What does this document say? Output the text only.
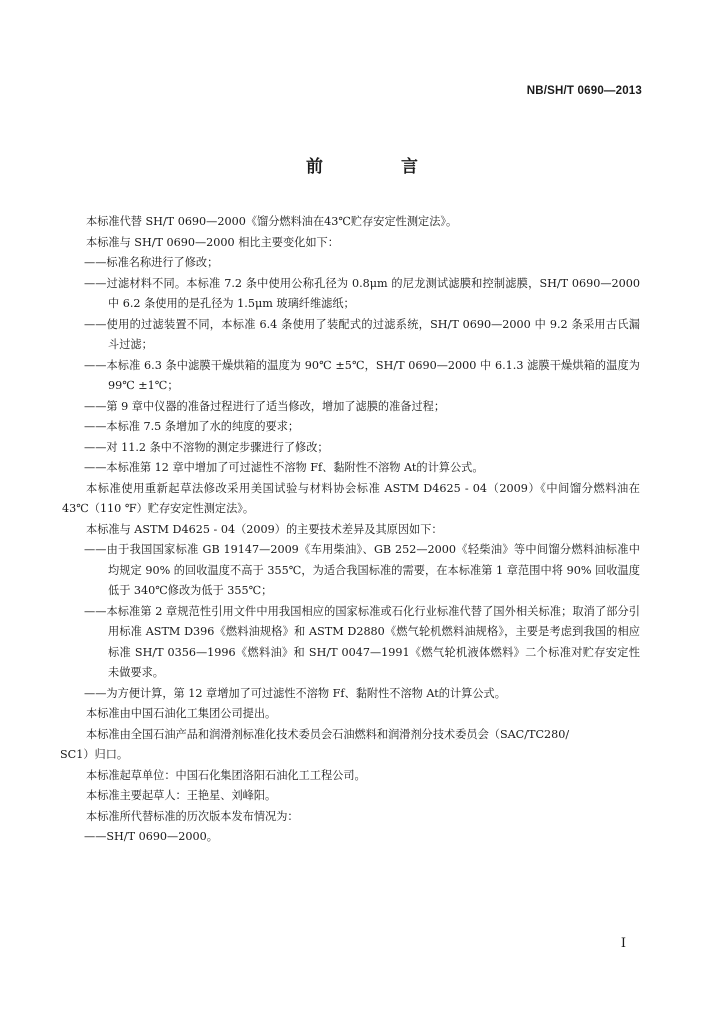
NB/SH/T 0690—2013
前 言

本标准代替 SH/T 0690—2000《馏分燃料油在43℃贮存安定性测定法》。

本标准与 SH/T 0690—2000 相比主要变化如下：

——标准名称进行了修改；

——过滤材料不同。本标准 7.2 条中使用公称孔径为 0.8μm 的尼龙测试滤膜和控制滤膜，SH/T 0690—2000 中 6.2 条使用的是孔径为 1.5μm 玻璃纤维滤纸；

——使用的过滤装置不同，本标准 6.4 条使用了装配式的过滤系统，SH/T 0690—2000 中 9.2 条采用古氏漏斗过滤；

——本标准 6.3 条中滤膜干燥烘箱的温度为 90℃ ±5℃，SH/T 0690—2000 中 6.1.3 滤膜干燥烘箱的温度为 99℃ ±1℃；

——第 9 章中仪器的准备过程进行了适当修改，增加了滤膜的准备过程；

——本标准 7.5 条增加了水的纯度的要求；

——对 11.2 条中不溶物的测定步骤进行了修改；

——本标准第 12 章中增加了可过滤性不溶物 Ff、黏附性不溶物 At的计算公式。

本标准使用重新起草法修改采用美国试验与材料协会标准 ASTM D4625 - 04（2009）《中间馏分燃料油在 43℃（110 ℉）贮存安定性测定法》。

本标准与 ASTM D4625 - 04（2009）的主要技术差异及其原因如下：

——由于我国国家标准 GB 19147—2009《车用柴油》、GB 252—2000《轻柴油》等中间馏分燃料油标准中均规定 90% 的回收温度不高于 355℃，为适合我国标准的需要，在本标准第 1 章范围中将 90% 回收温度低于 340℃修改为低于 355℃；

——本标准第 2 章规范性引用文件中用我国相应的国家标准或石化行业标准代替了国外相关标准；取消了部分引用标准 ASTM D396《燃料油规格》和 ASTM D2880《燃气轮机燃料油规格》，主要是考虑到我国的相应标准 SH/T 0356—1996《燃料油》和 SH/T 0047—1991《燃气轮机液体燃料》二个标准对贮存安定性未做要求。

——为方便计算，第 12 章增加了可过滤性不溶物 Ff、黏附性不溶物 At的计算公式。

本标准由中国石油化工集团公司提出。

本标准由全国石油产品和润滑剂标准化技术委员会石油燃料和润滑剂分技术委员会（SAC/TC280/

SC1）归口。

本标准起草单位：中国石化集团洛阳石油化工工程公司。

本标准主要起草人：王艳星、刘峰阳。

本标准所代替标准的历次版本发布情况为：

——SH/T 0690—2000。

I
